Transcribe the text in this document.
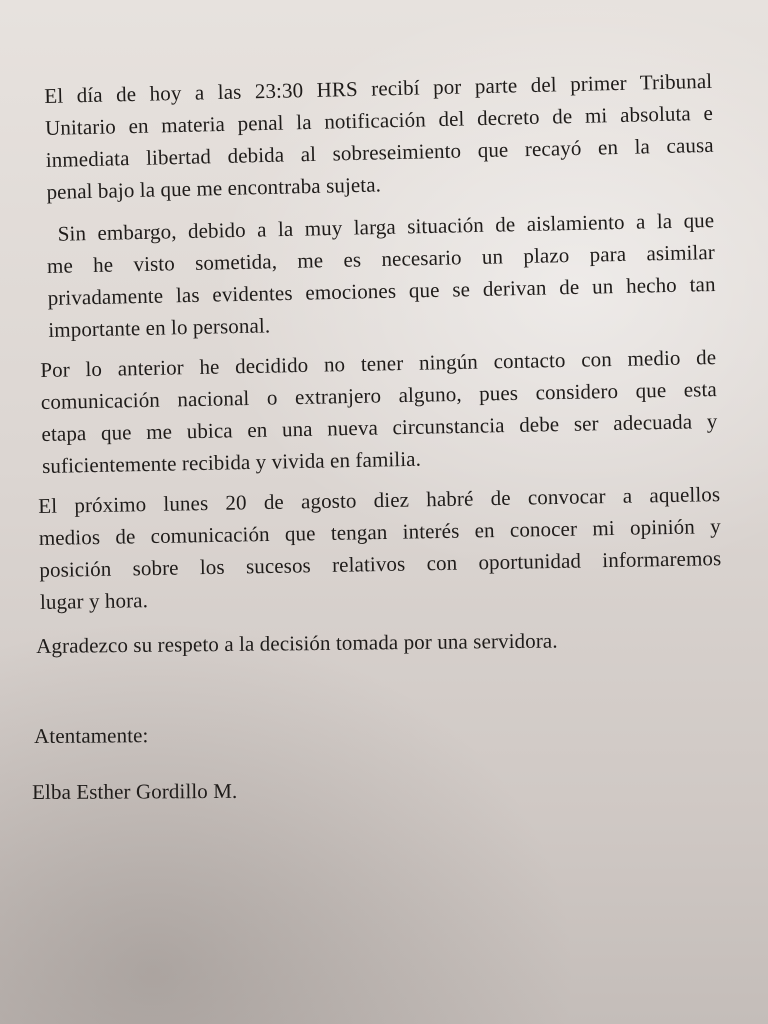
El día de hoy a las 23:30 HRS recibí por parte del primer Tribunal
Unitario en materia penal la notificación del decreto de mi absoluta e
inmediata libertad debida al sobreseimiento que recayó en la causa
penal bajo la que me encontraba sujeta.

Sin embargo, debido a la muy larga situación de aislamiento a la que
me he visto sometida, me es necesario un plazo para asimilar
privadamente las evidentes emociones que se derivan de un hecho tan
importante en lo personal.

Por lo anterior he decidido no tener ningún contacto con medio de
comunicación nacional o extranjero alguno, pues considero que esta
etapa que me ubica en una nueva circunstancia debe ser adecuada y
suficientemente recibida y vivida en familia.

El próximo lunes 20 de agosto diez habré de convocar a aquellos
medios de comunicación que tengan interés en conocer mi opinión y
posición sobre los sucesos relativos con oportunidad informaremos
lugar y hora.

Agradezco su respeto a la decisión tomada por una servidora.

Atentamente:

Elba Esther Gordillo M.
